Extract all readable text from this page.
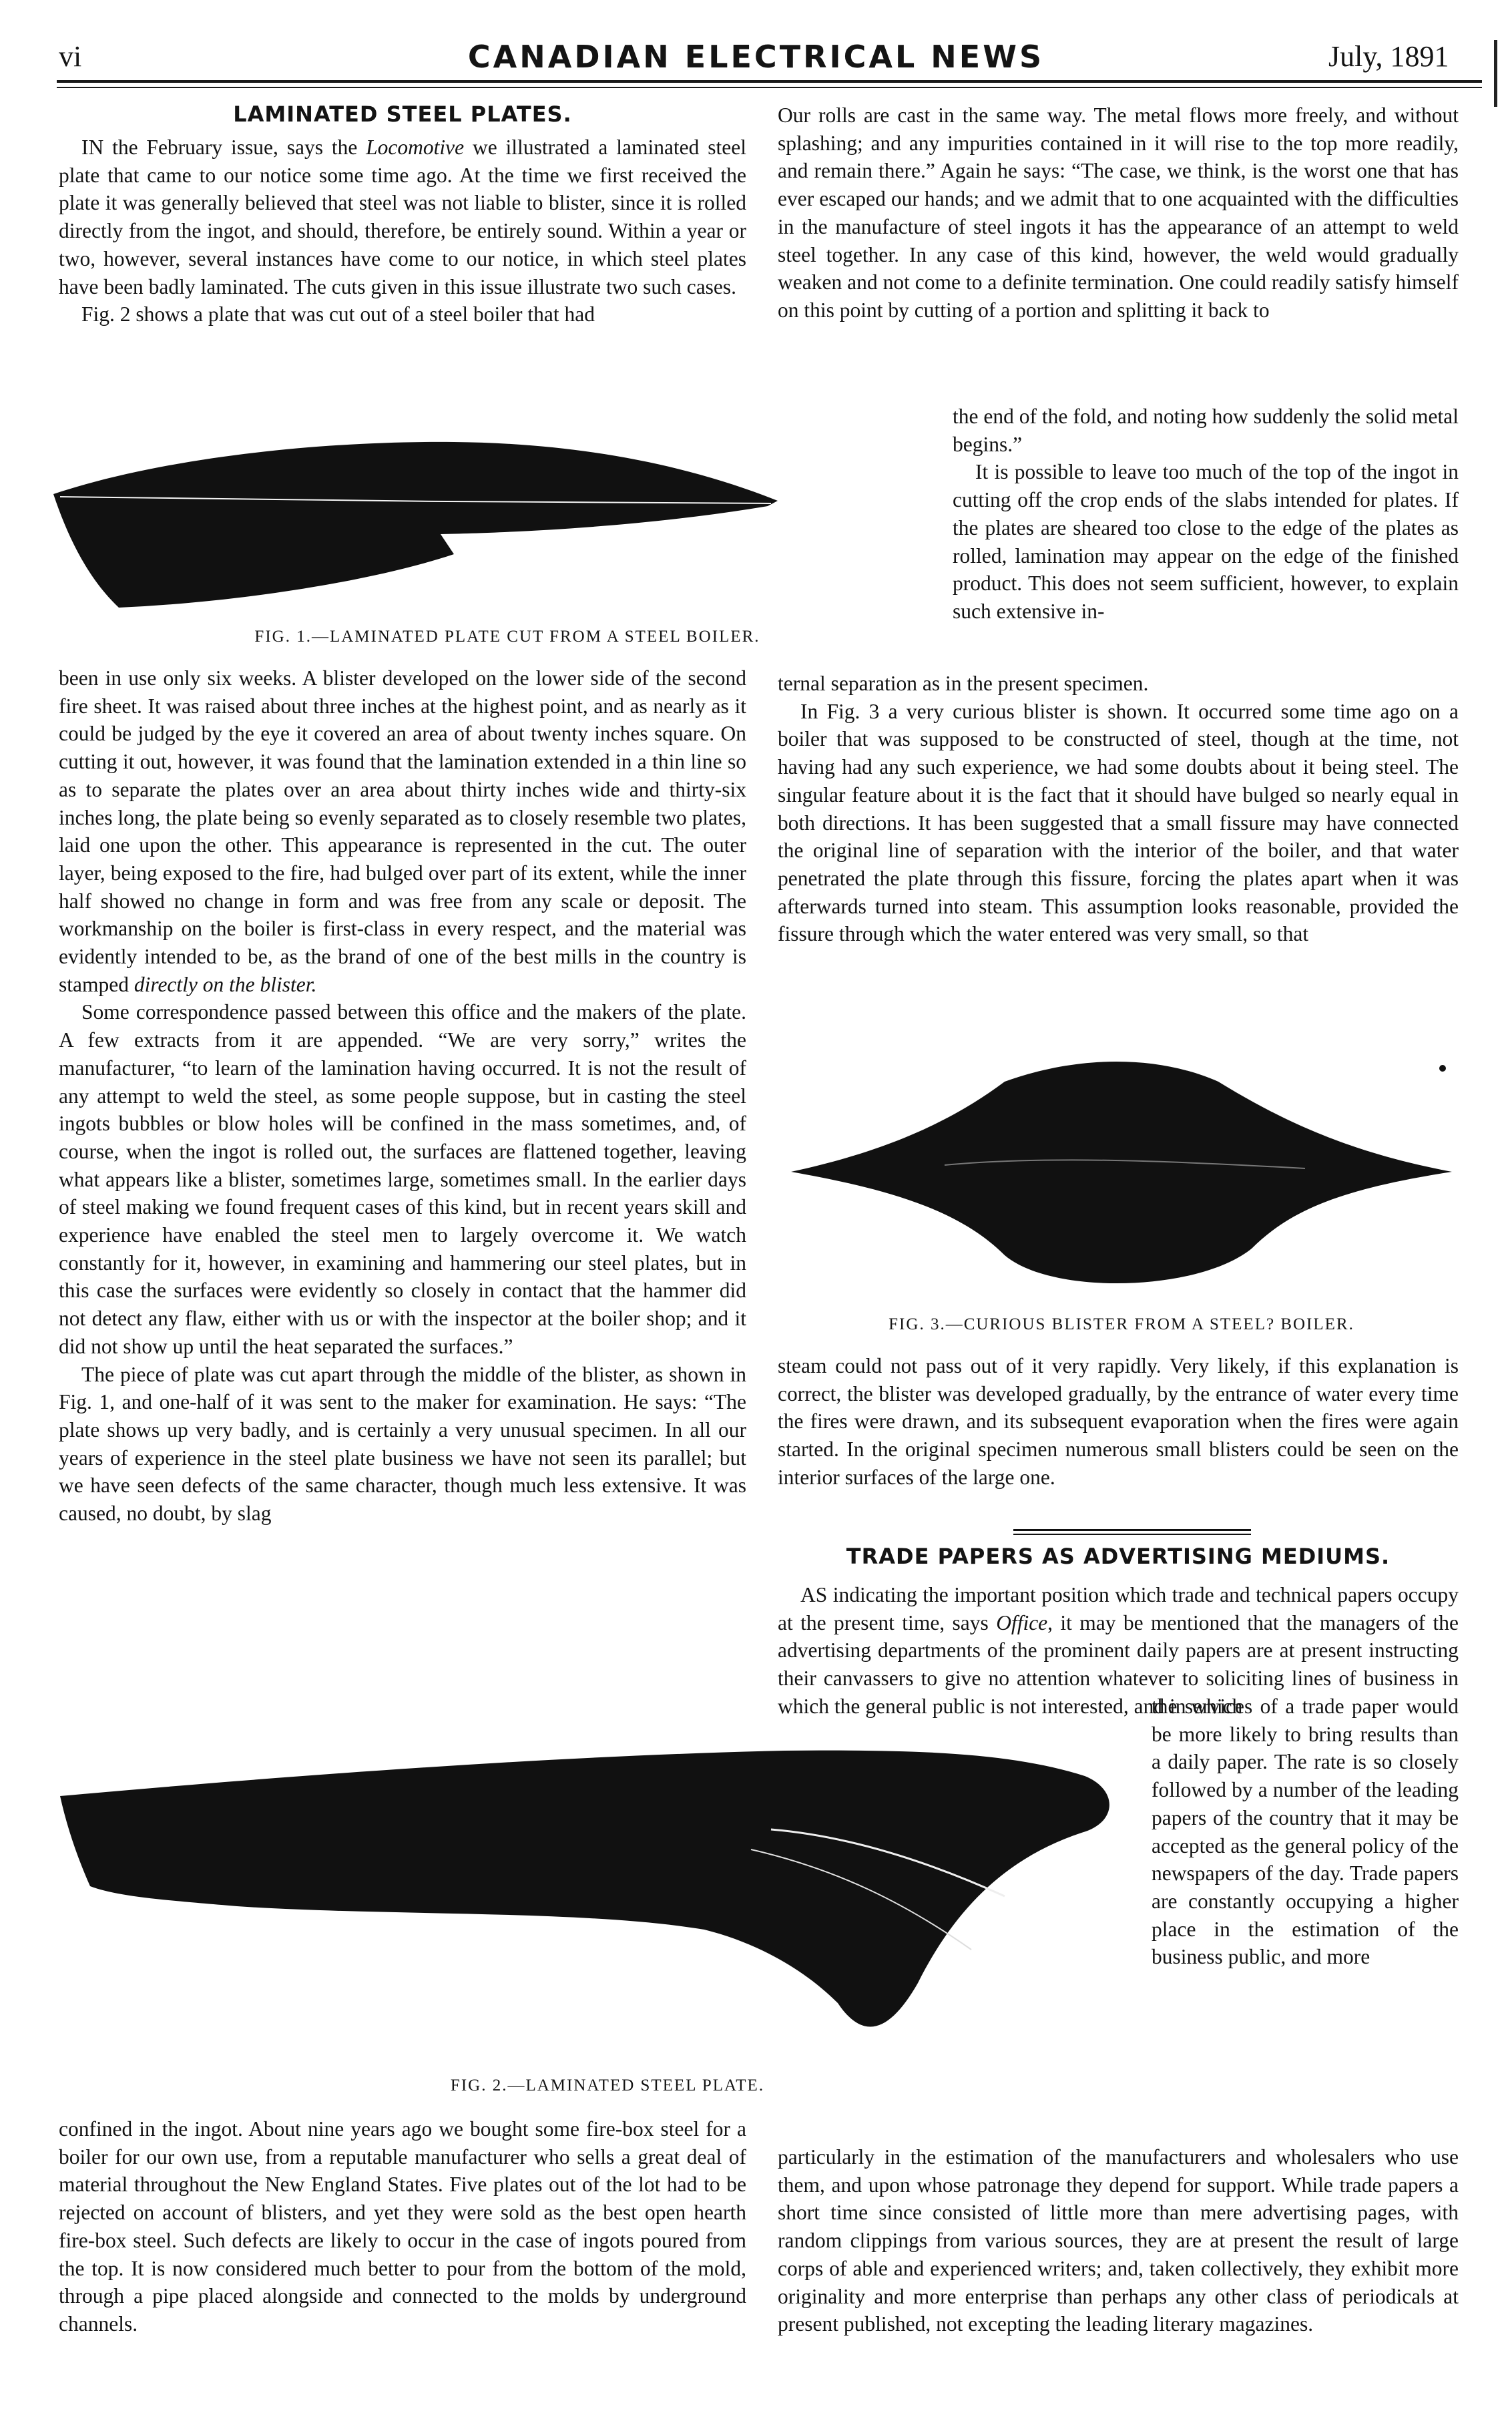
vi	CANADIAN ELECTRICAL NEWS	July, 1891
LAMINATED STEEL PLATES.

IN the February issue, says the Locomotive we illustrated a laminated steel plate that came to our notice some time ago. At the time we first received the plate it was generally believed that steel was not liable to blister, since it is rolled directly from the ingot, and should, therefore, be entirely sound. Within a year or two, however, several instances have come to our notice, in which steel plates have been badly laminated. The cuts given in this issue illustrate two such cases.

Fig. 2 shows a plate that was cut out of a steel boiler that had

FIG. 1.—LAMINATED PLATE CUT FROM A STEEL BOILER.

been in use only six weeks. A blister developed on the lower side of the second fire sheet. It was raised about three inches at the highest point, and as nearly as it could be judged by the eye it covered an area of about twenty inches square. On cutting it out, however, it was found that the lamination extended in a thin line so as to separate the plates over an area about thirty inches wide and thirty-six inches long, the plate being so evenly separated as to closely resemble two plates, laid one upon the other. This appearance is represented in the cut. The outer layer, being exposed to the fire, had bulged over part of its extent, while the inner half showed no change in form and was free from any scale or deposit. The workmanship on the boiler is first-class in every respect, and the material was evidently intended to be, as the brand of one of the best mills in the country is stamped directly on the blister.

Some correspondence passed between this office and the makers of the plate. A few extracts from it are appended. “We are very sorry,” writes the manufacturer, “to learn of the lamination having occurred. It is not the result of any attempt to weld the steel, as some people suppose, but in casting the steel ingots bubbles or blow holes will be confined in the mass sometimes, and, of course, when the ingot is rolled out, the surfaces are flattened together, leaving what appears like a blister, sometimes large, sometimes small. In the earlier days of steel making we found frequent cases of this kind, but in recent years skill and experience have enabled the steel men to largely overcome it. We watch constantly for it, however, in examining and hammering our steel plates, but in this case the surfaces were evidently so closely in contact that the hammer did not detect any flaw, either with us or with the inspector at the boiler shop; and it did not show up until the heat separated the surfaces.”

The piece of plate was cut apart through the middle of the blister, as shown in Fig. 1, and one-half of it was sent to the maker for examination. He says: “The plate shows up very badly, and is certainly a very unusual specimen. In all our years of experience in the steel plate business we have not seen its parallel; but we have seen defects of the same character, though much less extensive. It was caused, no doubt, by slag

Our rolls are cast in the same way. The metal flows more freely, and without splashing; and any impurities contained in it will rise to the top more readily, and remain there.” Again he says: “The case, we think, is the worst one that has ever escaped our hands; and we admit that to one acquainted with the difficulties in the manufacture of steel ingots it has the appearance of an attempt to weld steel together. In any case of this kind, however, the weld would gradually weaken and not come to a definite termination. One could readily satisfy himself on this point by cutting of a portion and splitting it back to

the end of the fold, and noting how suddenly the solid metal begins.”

It is possible to leave too much of the top of the ingot in cutting off the crop ends of the slabs intended for plates. If the plates are sheared too close to the edge of the plates as rolled, lamination may appear on the edge of the finished product. This does not seem sufficient, however, to explain such extensive in-

ternal separation as in the present specimen.

In Fig. 3 a very curious blister is shown. It occurred some time ago on a boiler that was supposed to be constructed of steel, though at the time, not having had any such experience, we had some doubts about it being steel. The singular feature about it is the fact that it should have bulged so nearly equal in both directions. It has been suggested that a small fissure may have connected the original line of separation with the interior of the boiler, and that water penetrated the plate through this fissure, forcing the plates apart when it was afterwards turned into steam. This assumption looks reasonable, provided the fissure through which the water entered was very small, so that

FIG. 3.—CURIOUS BLISTER FROM A STEEL? BOILER.

steam could not pass out of it very rapidly. Very likely, if this explanation is correct, the blister was developed gradually, by the entrance of water every time the fires were drawn, and its subsequent evaporation when the fires were again started. In the original specimen numerous small blisters could be seen on the interior surfaces of the large one.

TRADE PAPERS AS ADVERTISING MEDIUMS.

AS indicating the important position which trade and technical papers occupy at the present time, says Office, it may be mentioned that the managers of the advertising departments of the prominent daily papers are at present instructing their canvassers to give no attention whatever to soliciting lines of business in which the general public is not interested, and in which

the services of a trade paper would be more likely to bring results than a daily paper. The rate is so closely followed by a number of the leading papers of the country that it may be accepted as the general policy of the newspapers of the day. Trade papers are constantly occupying a higher place in the estimation of the business public, and more

FIG. 2.—LAMINATED STEEL PLATE.

confined in the ingot. About nine years ago we bought some fire-box steel for a boiler for our own use, from a reputable manufacturer who sells a great deal of material throughout the New England States. Five plates out of the lot had to be rejected on account of blisters, and yet they were sold as the best open hearth fire-box steel. Such defects are likely to occur in the case of ingots poured from the top. It is now considered much better to pour from the bottom of the mold, through a pipe placed alongside and connected to the molds by underground channels.

particularly in the estimation of the manufacturers and wholesalers who use them, and upon whose patronage they depend for support. While trade papers a short time since consisted of little more than mere advertising pages, with random clippings from various sources, they are at present the result of large corps of able and experienced writers; and, taken collectively, they exhibit more originality and more enterprise than perhaps any other class of periodicals at present published, not excepting the leading literary magazines.
